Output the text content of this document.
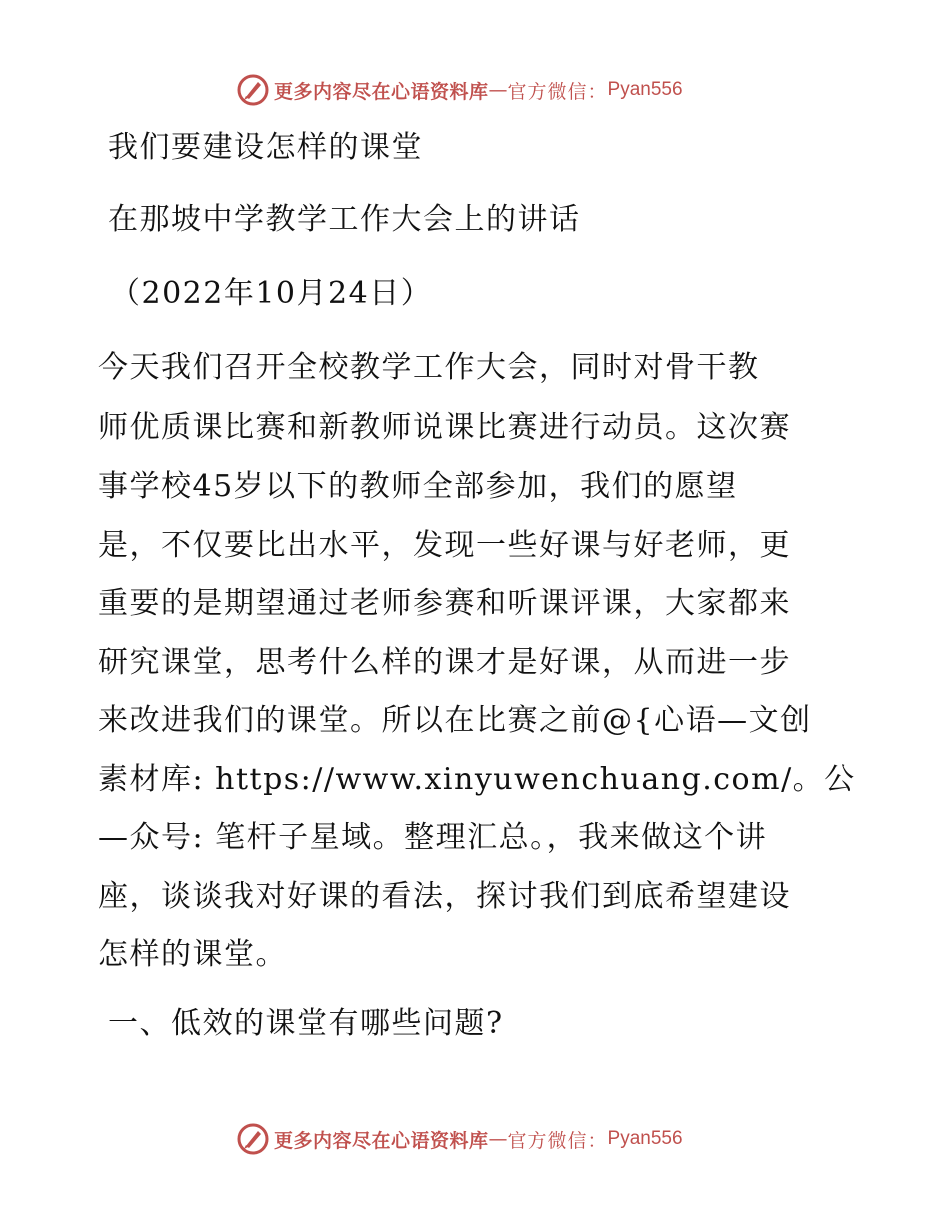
更多内容尽在心语资料库 — 官方微信： Pyan556
我们要建设怎样的课堂
在那坡中学教学工作大会上的讲话
（2022年10月24日）
今天我们召开全校教学工作大会，同时对骨干教
师优质课比赛和新教师说课比赛进行动员。这次赛
事学校45岁以下的教师全部参加，我们的愿望
是，不仅要比出水平，发现一些好课与好老师，更
重要的是期望通过老师参赛和听课评课，大家都来
研究课堂，思考什么样的课才是好课，从而进一步
来改进我们的课堂。所以在比赛之前@{心语—文创
素材库: https://www.xinyuwenchuang.com/。公
—众号: 笔杆子星域。整理汇总。，我来做这个讲
座，谈谈我对好课的看法，探讨我们到底希望建设
怎样的课堂。
一、低效的课堂有哪些问题?
更多内容尽在心语资料库 — 官方微信： Pyan556
